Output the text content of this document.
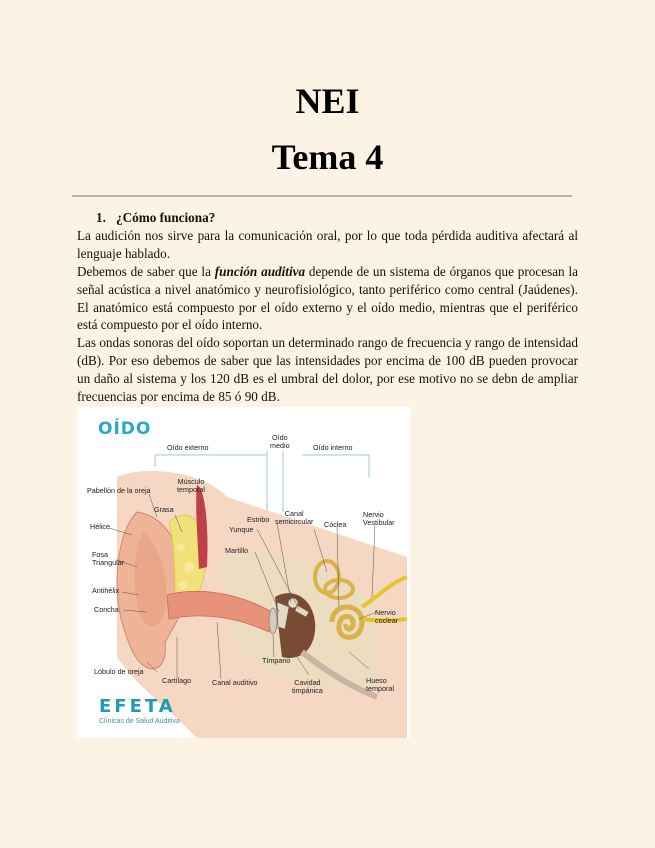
NEI
Tema 4

1. ¿Cómo funciona?

La audición nos sirve para la comunicación oral, por lo que toda pérdida auditiva afectará al lenguaje hablado.

Debemos de saber que la función auditiva depende de un sistema de órganos que procesan la señal acústica a nivel anatómico y neurofisiológico, tanto periférico como central (Jaúdenes). El anatómico está compuesto por el oído externo y el oído medio, mientras que el periférico está compuesto por el oído interno.

Las ondas sonoras del oído soportan un determinado rango de frecuencia y rango de intensidad (dB). Por eso debemos de saber que las intensidades por encima de 100 dB pueden provocar un daño al sistema y los 120 dB es el umbral del dolor, por ese motivo no se debn de ampliar frecuencias por encima de 85 ó 90 dB.

OÍDO
Oído externo
Oído
medio	Oído interno
Pabellón de la oreja
Músculo
temporal
Grasa
Hélice
Fosa
Triangular
Antihélix
Concha
Lóbulo de oreja
Cartílago	Canal auditivo
Tímpano
Cavidad
timpánica
Hueso
temporal
Nervio
coclear
Cóclea
Nervio
Vestibular
Canal
semicircular
Estribo
Yunque
Martillo
EFETA
Clínicas de Salud Auditiva
